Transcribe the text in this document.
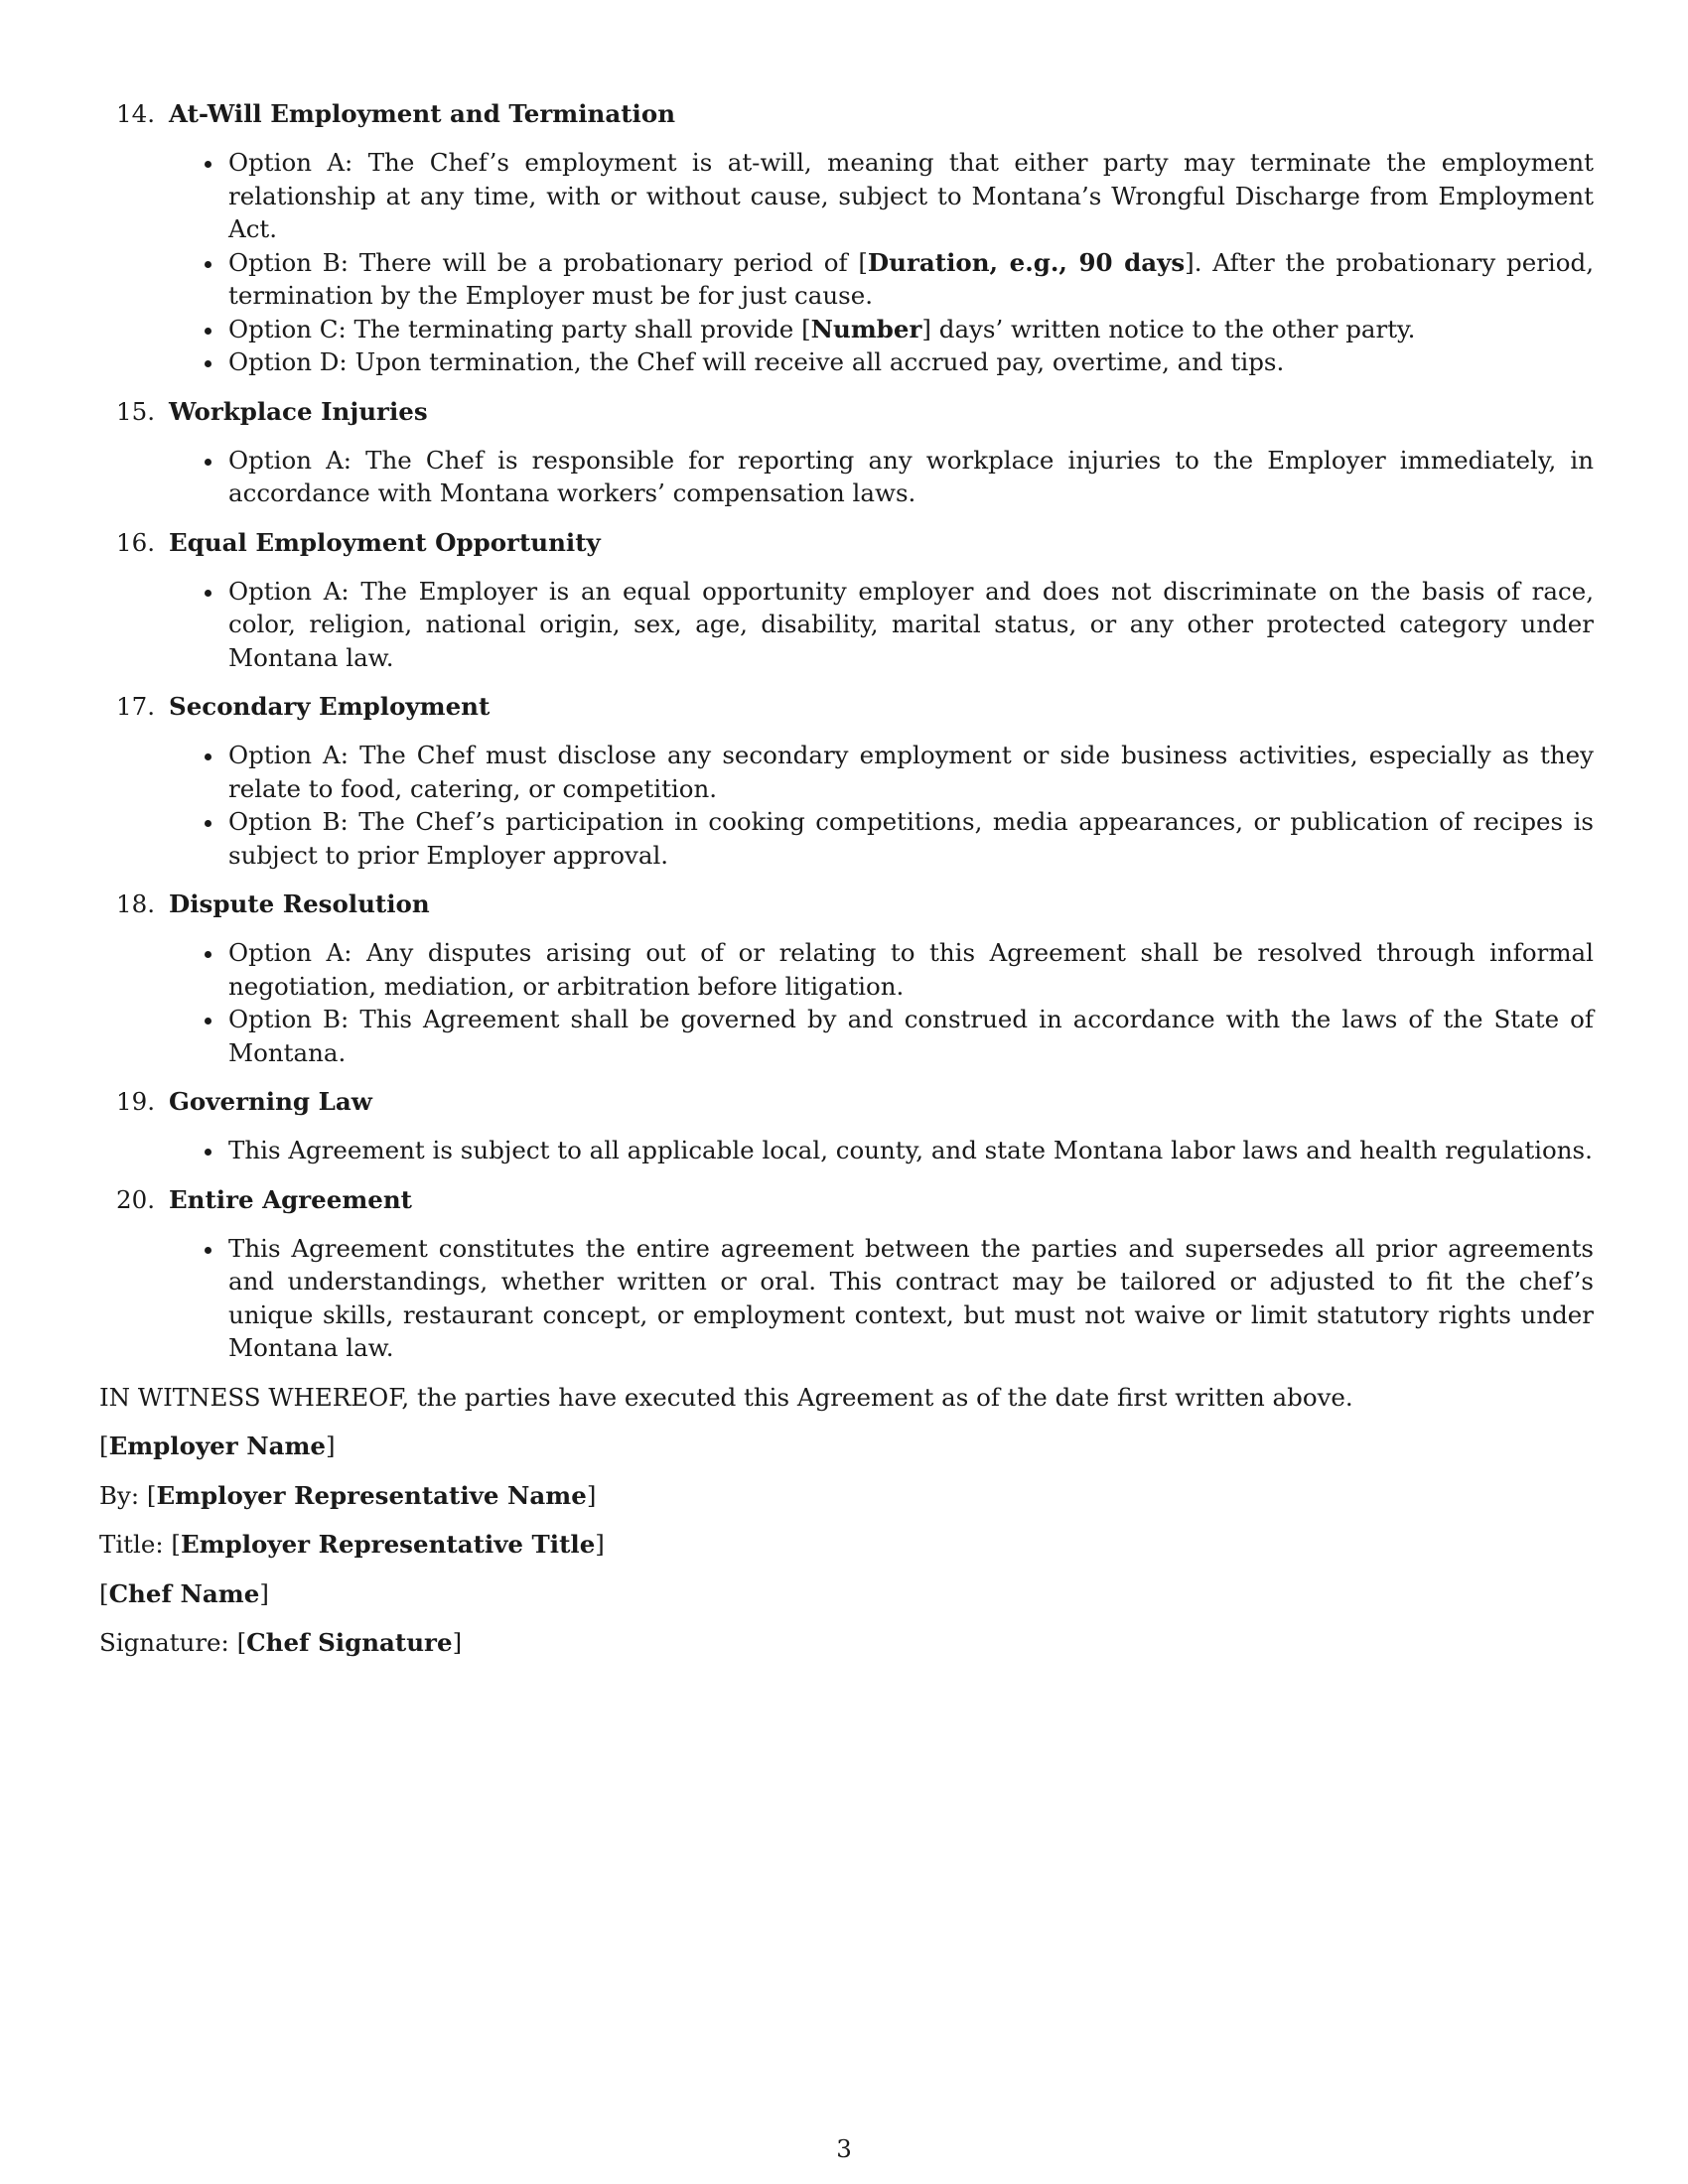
14. At-Will Employment and Termination
Option A: The Chef’s employment is at-will, meaning that either party may terminate the employment relationship at any time, with or without cause, subject to Montana’s Wrongful Discharge from Employment Act.
Option B: There will be a probationary period of [Duration, e.g., 90 days]. After the probationary period, termination by the Employer must be for just cause.
Option C: The terminating party shall provide [Number] days’ written notice to the other party.
Option D: Upon termination, the Chef will receive all accrued pay, overtime, and tips.
15. Workplace Injuries
Option A: The Chef is responsible for reporting any workplace injuries to the Employer immediately, in accordance with Montana workers’ compensation laws.
16. Equal Employment Opportunity
Option A: The Employer is an equal opportunity employer and does not discriminate on the basis of race, color, religion, national origin, sex, age, disability, marital status, or any other protected category under Montana law.
17. Secondary Employment
Option A: The Chef must disclose any secondary employment or side business activities, especially as they relate to food, catering, or competition.
Option B: The Chef’s participation in cooking competitions, media appearances, or publication of recipes is subject to prior Employer approval.
18. Dispute Resolution
Option A: Any disputes arising out of or relating to this Agreement shall be resolved through informal negotiation, mediation, or arbitration before litigation.
Option B: This Agreement shall be governed by and construed in accordance with the laws of the State of Montana.
19. Governing Law
This Agreement is subject to all applicable local, county, and state Montana labor laws and health regulations.
20. Entire Agreement
This Agreement constitutes the entire agreement between the parties and supersedes all prior agreements and understandings, whether written or oral. This contract may be tailored or adjusted to fit the chef’s unique skills, restaurant concept, or employment context, but must not waive or limit statutory rights under Montana law.

IN WITNESS WHEREOF, the parties have executed this Agreement as of the date first written above.

[Employer Name]

By: [Employer Representative Name]

Title: [Employer Representative Title]

[Chef Name]

Signature: [Chef Signature]

3
